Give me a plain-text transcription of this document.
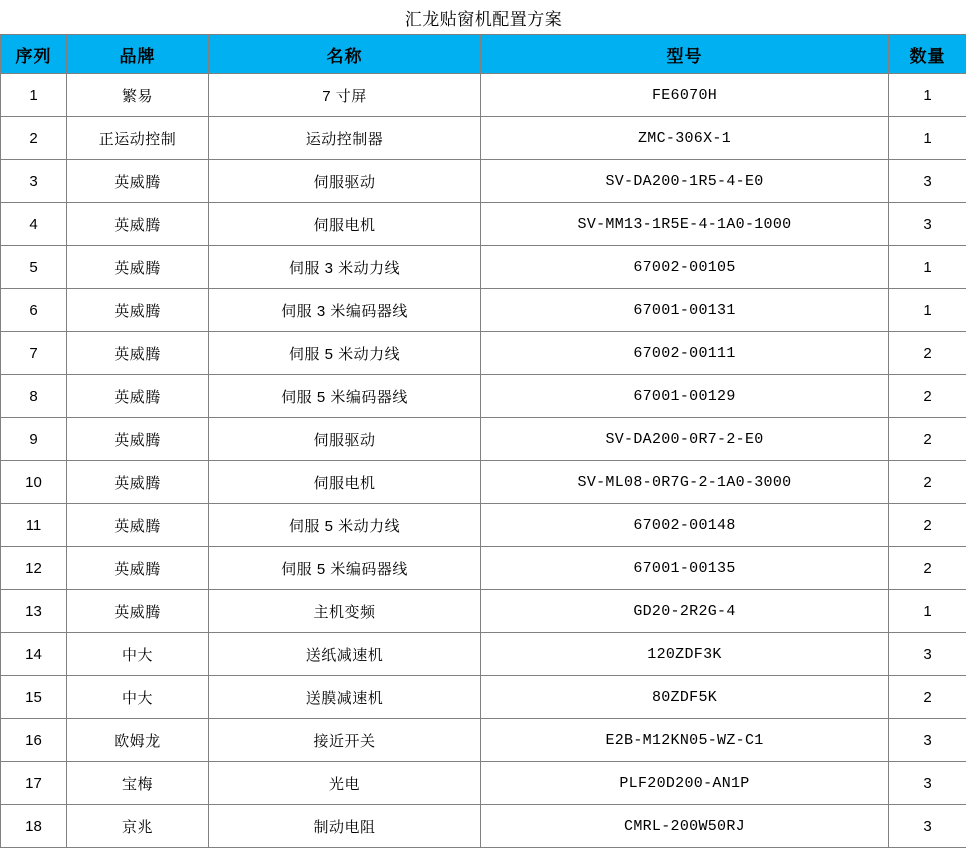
汇龙贴窗机配置方案				
序列	品牌	名称	型号	数量
1	繁易	7 寸屏	FE6070H	1
2	正运动控制	运动控制器	ZMC-306X-1	1
3	英威腾	伺服驱动	SV-DA200-1R5-4-E0	3
4	英威腾	伺服电机	SV-MM13-1R5E-4-1A0-1000	3
5	英威腾	伺服 3 米动力线	67002-00105	1
6	英威腾	伺服 3 米编码器线	67001-00131	1
7	英威腾	伺服 5 米动力线	67002-00111	2
8	英威腾	伺服 5 米编码器线	67001-00129	2
9	英威腾	伺服驱动	SV-DA200-0R7-2-E0	2
10	英威腾	伺服电机	SV-ML08-0R7G-2-1A0-3000	2
11	英威腾	伺服 5 米动力线	67002-00148	2
12	英威腾	伺服 5 米编码器线	67001-00135	2
13	英威腾	主机变频	GD20-2R2G-4	1
14	中大	送纸减速机	120ZDF3K	3
15	中大	送膜减速机	80ZDF5K	2
16	欧姆龙	接近开关	E2B-M12KN05-WZ-C1	3
17	宝梅	光电	PLF20D200-AN1P	3
18	京兆	制动电阻	CMRL-200W50RJ	3
